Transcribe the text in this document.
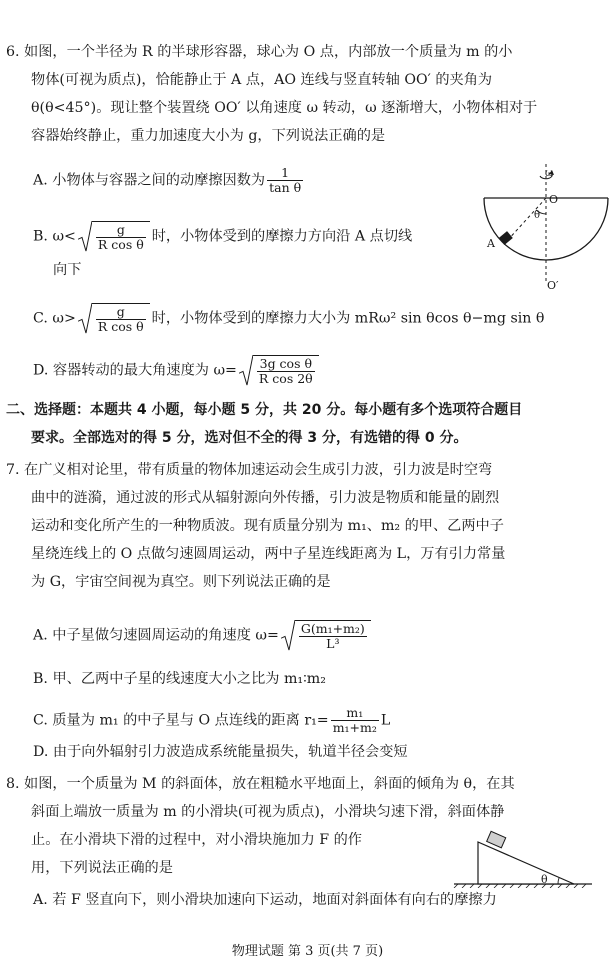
6. 如图，一个半径为 R 的半球形容器，球心为 O 点，内部放一个质量为 m 的小
物体(可视为质点)，恰能静止于 A 点，AO 连线与竖直转轴 OO′ 的夹角为
θ(θ<45°)。现让整个装置绕 OO′ 以角速度 ω 转动，ω 逐渐增大，小物体相对于
容器始终静止，重力加速度大小为 g，下列说法正确的是
A. 小物体与容器之间的动摩擦因数为 $\frac{1}{\text{tan θ}}$
B. $\omega< \frac{g}{\text{R cos θ}}$ 时，小物体受到的摩擦力方向沿 A 点切线
向下
C. $\omega> \frac{g}{\text{R cos θ}}$ 时，小物体受到的摩擦力大小为 mRω² sin θcos θ−mg sin θ
D. 容器转动的最大角速度为 $\omega= \frac{\text{3g cos θ}}{\text{R cos 2θ}}$
ω
O
θ
A
O′
二、选择题：本题共 4 小题，每小题 5 分，共 20 分。每小题有多个选项符合题目
要求。全部选对的得 5 分，选对但不全的得 3 分，有选错的得 0 分。
7. 在广义相对论里，带有质量的物体加速运动会生成引力波，引力波是时空弯
曲中的涟漪，通过波的形式从辐射源向外传播，引力波是物质和能量的剧烈
运动和变化所产生的一种物质波。现有质量分别为 m₁、m₂ 的甲、乙两中子
星绕连线上的 O 点做匀速圆周运动，两中子星连线距离为 L，万有引力常量
为 G，宇宙空间视为真空。则下列说法正确的是
A. 中子星做匀速圆周运动的角速度 $\omega= \frac{\text{G(m₁+m₂)}}{\text{L³}}$
B. 甲、乙两中子星的线速度大小之比为 m₁∶m₂
C. 质量为 m₁ 的中子星与 O 点连线的距离 $r_1= \frac{\text{m₁}}{\text{m₁+m₂}}$ L
D. 由于向外辐射引力波造成系统能量损失，轨道半径会变短
8. 如图，一个质量为 M 的斜面体，放在粗糙水平地面上，斜面的倾角为 θ，在其
斜面上端放一质量为 m 的小滑块(可视为质点)，小滑块匀速下滑，斜面体静
止。在小滑块下滑的过程中，对小滑块施加力 F 的作
用，下列说法正确的是
A. 若 F 竖直向下，则小滑块加速向下运动，地面对斜面体有向右的摩擦力
θ
物理试题 第 3 页(共 7 页)
